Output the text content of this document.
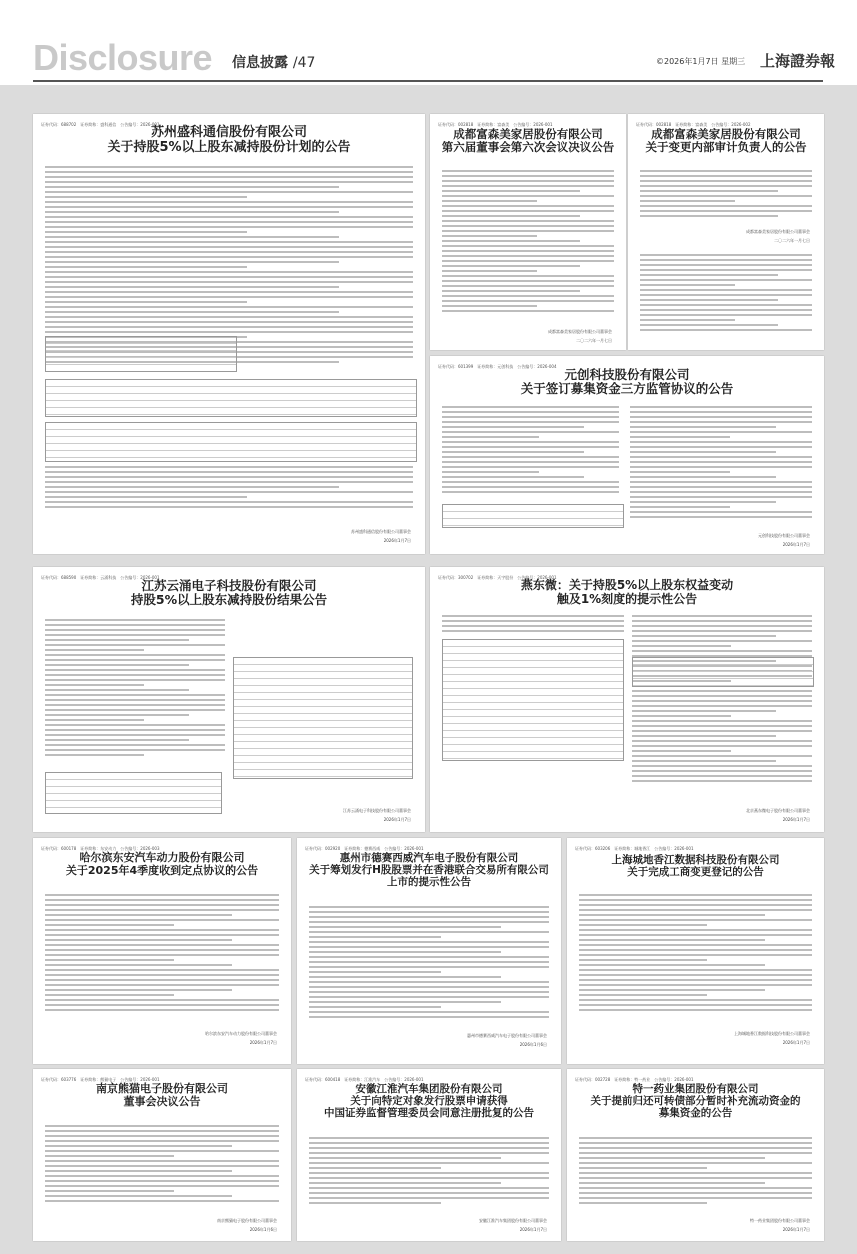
Disclosure 信息披露 /47	©2026年1月7日 星期三 上海證券報
证券代码：688702　证券简称：盛科通信　公告编号：2026-001
苏州盛科通信股份有限公司
关于持股5%以上股东减持股份计划的公告
苏州盛科通信股份有限公司董事会
2026年1月7日
证券代码：002818　证券简称：富森美　公告编号：2026-001
成都富森美家居股份有限公司
第六届董事会第六次会议决议公告
成都富森美家居股份有限公司董事会
二〇二六年一月七日
证券代码：002818　证券简称：富森美　公告编号：2026-002
成都富森美家居股份有限公司
关于变更内部审计负责人的公告
成都富森美家居股份有限公司董事会
二〇二六年一月七日
证券代码：601399　证券简称：元创科技　公告编号：2026-004
元创科技股份有限公司
关于签订募集资金三方监管协议的公告
元创科技股份有限公司董事会
2026年1月7日
证券代码：688590　证券简称：云涌科技　公告编号：2026-001
江苏云涌电子科技股份有限公司
持股5%以上股东减持股份结果公告
江苏云涌电子科技股份有限公司董事会
2026年1月7日
证券代码：300702　证券简称：天宇股份　公告编号：2026-001
燕东微：关于持股5%以上股东权益变动
触及1%刻度的提示性公告
北京燕东微电子股份有限公司董事会
2026年1月7日
证券代码：600178　证券简称：东安动力　公告编号：2026-003
哈尔滨东安汽车动力股份有限公司
关于2025年4季度收到定点协议的公告
哈尔滨东安汽车动力股份有限公司董事会
2026年1月7日
证券代码：002920　证券简称：德赛西威　公告编号：2026-001
惠州市德赛西威汽车电子股份有限公司
关于筹划发行H股股票并在香港联合交易所有限公司
上市的提示性公告
惠州市德赛西威汽车电子股份有限公司董事会
2026年1月6日
证券代码：603206　证券简称：城地香江　公告编号：2026-001
上海城地香江数据科技股份有限公司
关于完成工商变更登记的公告
上海城地香江数据科技股份有限公司董事会
2026年1月7日
证券代码：603776　证券简称：熊猫电子　公告编号：2026-001
南京熊猫电子股份有限公司
董事会决议公告
南京熊猫电子股份有限公司董事会
2026年1月6日
证券代码：600418　证券简称：江淮汽车　公告编号：2026-001
安徽江淮汽车集团股份有限公司
关于向特定对象发行股票申请获得
中国证券监督管理委员会同意注册批复的公告
安徽江淮汽车集团股份有限公司董事会
2026年1月7日
证券代码：002728　证券简称：特一药业　公告编号：2026-001
特一药业集团股份有限公司
关于提前归还可转债部分暂时补充流动资金的
募集资金的公告
特一药业集团股份有限公司董事会
2026年1月7日
